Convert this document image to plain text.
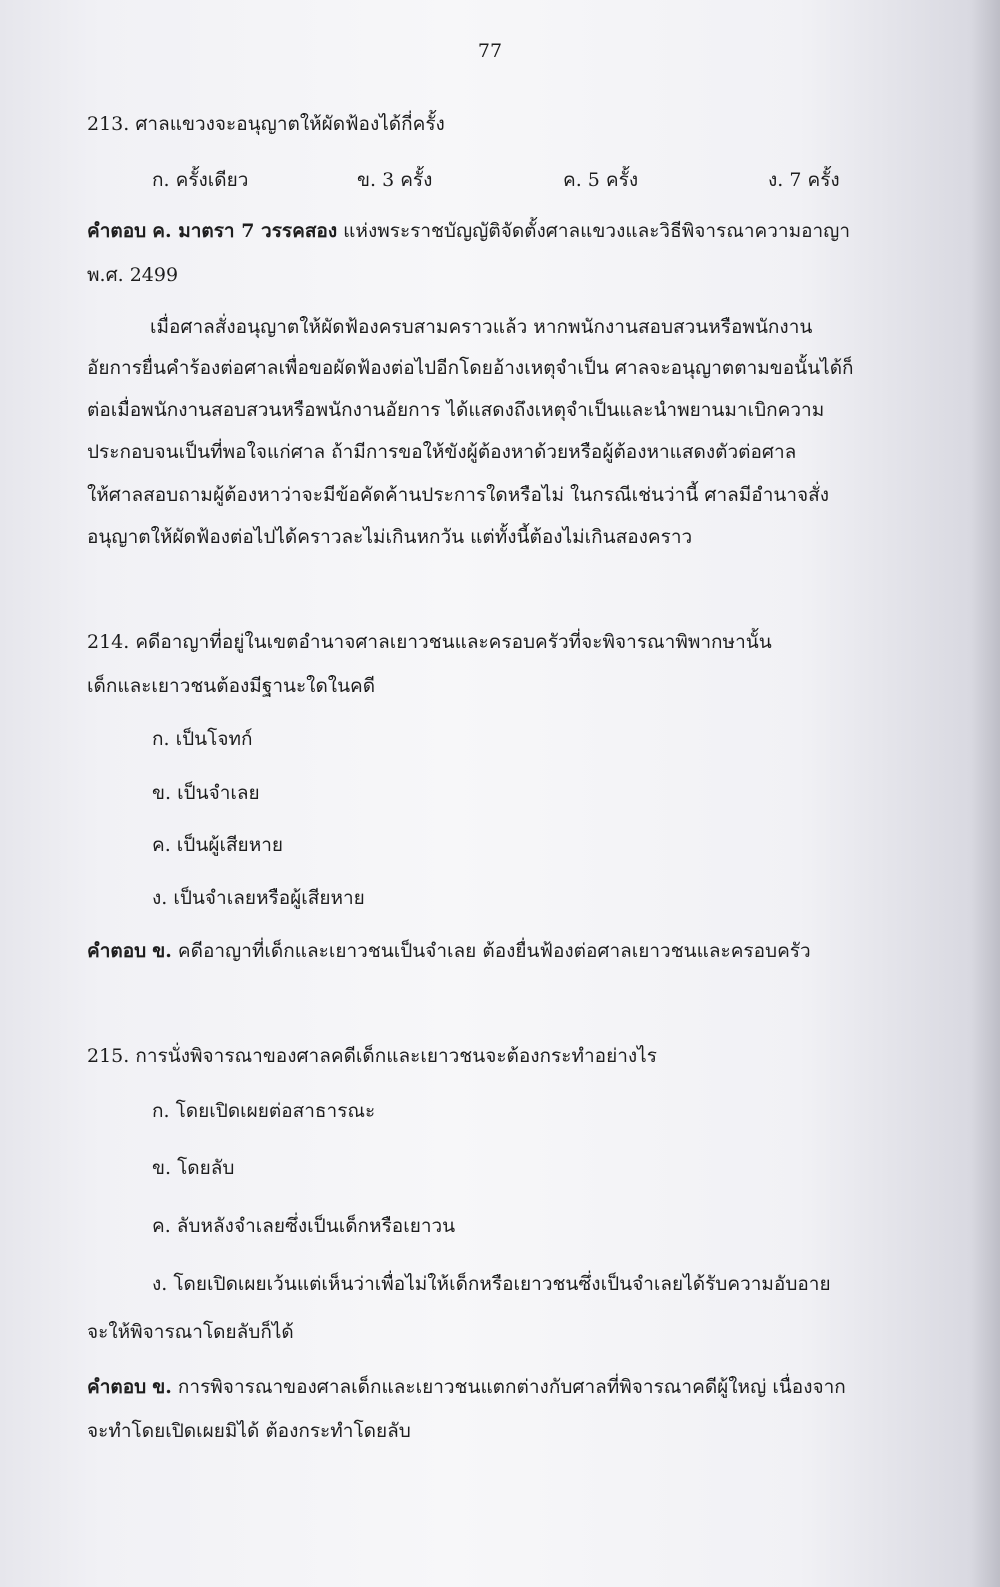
77
213. ศาลแขวงจะอนุญาตให้ผัดฟ้องได้กี่ครั้ง
ก. ครั้งเดียว	ข. 3 ครั้ง	ค. 5 ครั้ง	ง. 7 ครั้ง
คำตอบ ค. มาตรา 7 วรรคสอง แห่งพระราชบัญญัติจัดตั้งศาลแขวงและวิธีพิจารณาความอาญา
พ.ศ. 2499
เมื่อศาลสั่งอนุญาตให้ผัดฟ้องครบสามคราวแล้ว หากพนักงานสอบสวนหรือพนักงาน
อัยการยื่นคำร้องต่อศาลเพื่อขอผัดฟ้องต่อไปอีกโดยอ้างเหตุจำเป็น ศาลจะอนุญาตตามขอนั้นได้ก็
ต่อเมื่อพนักงานสอบสวนหรือพนักงานอัยการ ได้แสดงถึงเหตุจำเป็นและนำพยานมาเบิกความ
ประกอบจนเป็นที่พอใจแก่ศาล ถ้ามีการขอให้ขังผู้ต้องหาด้วยหรือผู้ต้องหาแสดงตัวต่อศาล
ให้ศาลสอบถามผู้ต้องหาว่าจะมีข้อคัดค้านประการใดหรือไม่ ในกรณีเช่นว่านี้ ศาลมีอำนาจสั่ง
อนุญาตให้ผัดฟ้องต่อไปได้คราวละไม่เกินหกวัน แต่ทั้งนี้ต้องไม่เกินสองคราว
214. คดีอาญาที่อยู่ในเขตอำนาจศาลเยาวชนและครอบครัวที่จะพิจารณาพิพากษานั้น
เด็กและเยาวชนต้องมีฐานะใดในคดี
ก. เป็นโจทก์
ข. เป็นจำเลย
ค. เป็นผู้เสียหาย
ง. เป็นจำเลยหรือผู้เสียหาย
คำตอบ ข. คดีอาญาที่เด็กและเยาวชนเป็นจำเลย ต้องยื่นฟ้องต่อศาลเยาวชนและครอบครัว
215. การนั่งพิจารณาของศาลคดีเด็กและเยาวชนจะต้องกระทำอย่างไร
ก. โดยเปิดเผยต่อสาธารณะ
ข. โดยลับ
ค. ลับหลังจำเลยซึ่งเป็นเด็กหรือเยาวน
ง. โดยเปิดเผยเว้นแต่เห็นว่าเพื่อไม่ให้เด็กหรือเยาวชนซึ่งเป็นจำเลยได้รับความอับอาย
จะให้พิจารณาโดยลับก็ได้
คำตอบ ข. การพิจารณาของศาลเด็กและเยาวชนแตกต่างกับศาลที่พิจารณาคดีผู้ใหญ่ เนื่องจาก
จะทำโดยเปิดเผยมิได้ ต้องกระทำโดยลับ
